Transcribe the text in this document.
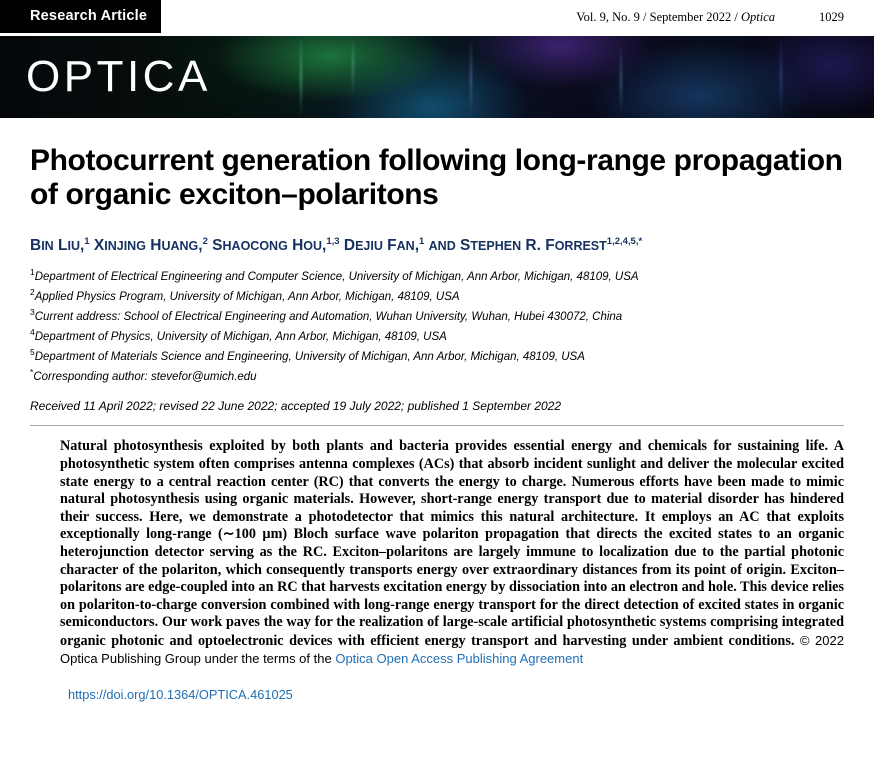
Research Article	Vol. 9, No. 9 / September 2022 / Optica	1029
OPTICA
Photocurrent generation following long-range propagation of organic exciton–polaritons
BIN LIU,$^1$ XINJING HUANG,$^2$ SHAOCONG HOU,$^{1,3}$ DEJIU FAN,$^1$ AND STEPHEN R. $FORREST^{1,2,4,5,*}$
$^1$Department of Electrical Engineering and Computer Science, University of Michigan, Ann Arbor, Michigan, 48109, USA
$^2$Applied Physics Program, University of Michigan, Ann Arbor, Michigan, 48109, USA
$^3$Current address: School of Electrical Engineering and Automation, Wuhan University, Wuhan, Hubei 430072, China
$^4$Department of Physics, University of Michigan, Ann Arbor, Michigan, 48109, USA
$^5$Department of Materials Science and Engineering, University of Michigan, Ann Arbor, Michigan, 48109, USA
*Corresponding author: stevefor@umich.edu
Received 11 April 2022; revised 22 June 2022; accepted 19 July 2022; published 1 September 2022
Natural photosynthesis exploited by both plants and bacteria provides essential energy and chemicals for sustaining life. A photosynthetic system often comprises antenna complexes (ACs) that absorb incident sunlight and deliver the molecular excited state energy to a central reaction center (RC) that converts the energy to charge. Numerous efforts have been made to mimic natural photosynthesis using organic materials. However, short-range energy transport due to material disorder has hindered their success. Here, we demonstrate a photodetector that mimics this natural architecture. It employs an AC that exploits exceptionally long-range (∼100 µm) Bloch surface wave polariton propagation that directs the excited states to an organic heterojunction detector serving as the RC. Exciton–polaritons are largely immune to localization due to the partial photonic character of the polariton, which consequently transports energy over extraordinary distances from its point of origin. Exciton–polaritons are edge-coupled into an RC that harvests excitation energy by dissociation into an electron and hole. This device relies on polariton-to-charge conversion combined with long-range energy transport for the direct detection of excited states in organic semiconductors. Our work paves the way for the realization of large-scale artificial photosynthetic systems comprising integrated organic photonic and optoelectronic devices with efficient energy transport and harvesting under ambient conditions. © 2022 Optica Publishing Group under the terms of the Optica Open Access Publishing Agreement
https://doi.org/10.1364/OPTICA.461025
